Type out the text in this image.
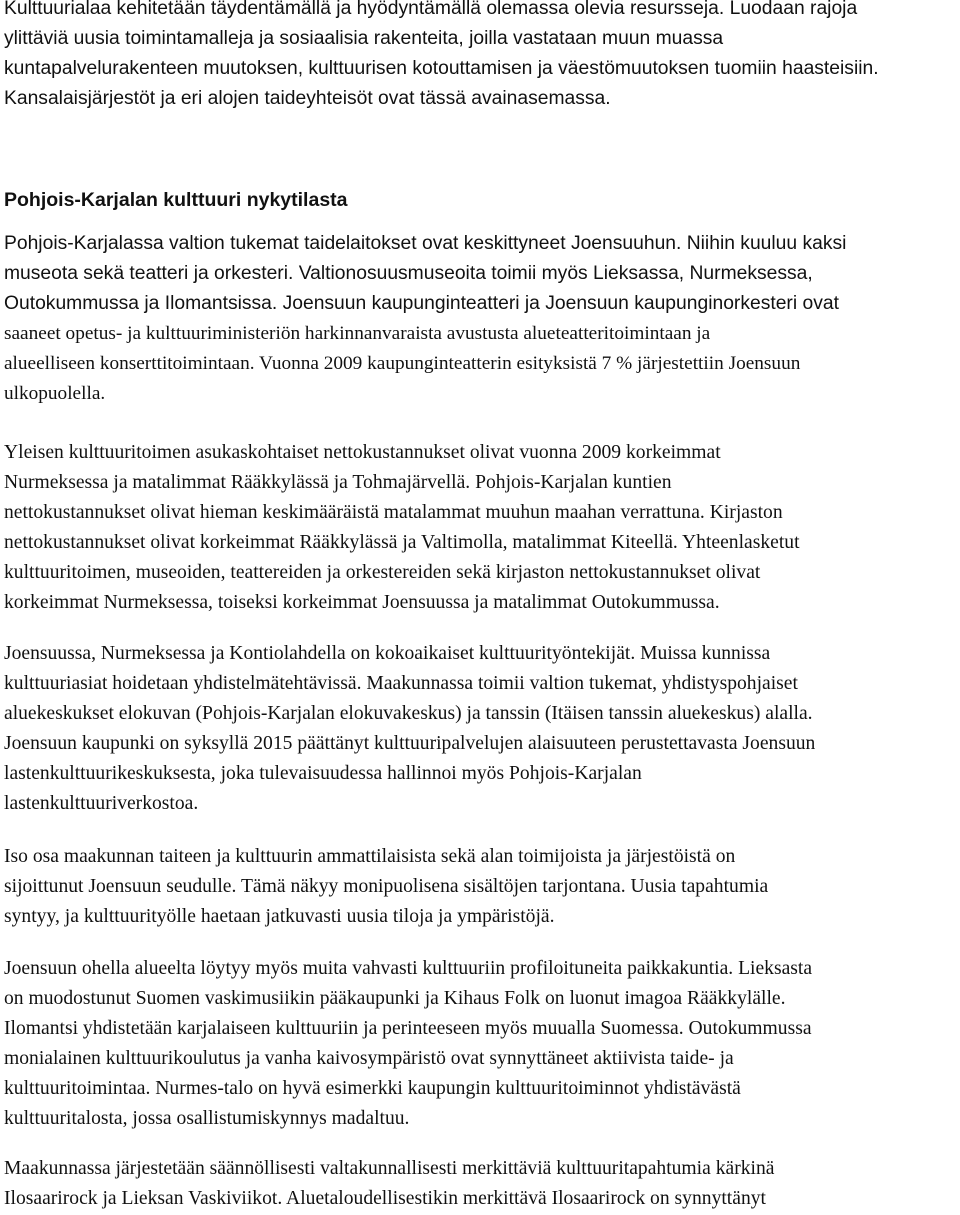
Kulttuurialaa kehitetään täydentämällä ja hyödyntämällä olemassa olevia resursseja. Luodaan rajoja
ylittäviä uusia toimintamalleja ja sosiaalisia rakenteita, joilla vastataan muun muassa
kuntapalvelurakenteen muutoksen, kulttuurisen kotouttamisen ja väestömuutoksen tuomiin haasteisiin.
Kansalaisjärjestöt ja eri alojen taideyhteisöt ovat tässä avainasemassa.

Pohjois-Karjalan kulttuuri nykytilasta

Pohjois-Karjalassa valtion tukemat taidelaitokset ovat keskittyneet Joensuuhun. Niihin kuuluu kaksi
museota sekä teatteri ja orkesteri. Valtionosuusmuseoita toimii myös Lieksassa, Nurmeksessa,
Outokummussa ja Ilomantsissa. Joensuun kaupunginteatteri ja Joensuun kaupunginorkesteri ovat
saaneet opetus- ja kulttuuriministeriön harkinnanvaraista avustusta alueteatteritoimintaan ja
alueelliseen konserttitoimintaan. Vuonna 2009 kaupunginteatterin esityksistä 7 % järjestettiin Joensuun
ulkopuolella.

Yleisen kulttuuritoimen asukaskohtaiset nettokustannukset olivat vuonna 2009 korkeimmat
Nurmeksessa ja matalimmat Rääkkylässä ja Tohmajärvellä. Pohjois-Karjalan kuntien
nettokustannukset olivat hieman keskimääräistä matalammat muuhun maahan verrattuna. Kirjaston
nettokustannukset olivat korkeimmat Rääkkylässä ja Valtimolla, matalimmat Kiteellä. Yhteenlasketut
kulttuuritoimen, museoiden, teattereiden ja orkestereiden sekä kirjaston nettokustannukset olivat
korkeimmat Nurmeksessa, toiseksi korkeimmat Joensuussa ja matalimmat Outokummussa.

Joensuussa, Nurmeksessa ja Kontiolahdella on kokoaikaiset kulttuurityöntekijät. Muissa kunnissa
kulttuuriasiat hoidetaan yhdistelmätehtävissä. Maakunnassa toimii valtion tukemat, yhdistyspohjaiset
aluekeskukset elokuvan (Pohjois-Karjalan elokuvakeskus) ja tanssin (Itäisen tanssin aluekeskus) alalla.
Joensuun kaupunki on syksyllä 2015 päättänyt kulttuuripalvelujen alaisuuteen perustettavasta Joensuun
lastenkulttuurikeskuksesta, joka tulevaisuudessa hallinnoi myös Pohjois-Karjalan
lastenkulttuuriverkostoa.

Iso osa maakunnan taiteen ja kulttuurin ammattilaisista sekä alan toimijoista ja järjestöistä on
sijoittunut Joensuun seudulle. Tämä näkyy monipuolisena sisältöjen tarjontana. Uusia tapahtumia
syntyy, ja kulttuurityölle haetaan jatkuvasti uusia tiloja ja ympäristöjä.

Joensuun ohella alueelta löytyy myös muita vahvasti kulttuuriin profiloituneita paikkakuntia. Lieksasta
on muodostunut Suomen vaskimusiikin pääkaupunki ja Kihaus Folk on luonut imagoa Rääkkylälle.
Ilomantsi yhdistetään karjalaiseen kulttuuriin ja perinteeseen myös muualla Suomessa. Outokummussa
monialainen kulttuurikoulutus ja vanha kaivosympäristö ovat synnyttäneet aktiivista taide- ja
kulttuuritoimintaa. Nurmes-talo on hyvä esimerkki kaupungin kulttuuritoiminnot yhdistävästä
kulttuuritalosta, jossa osallistumiskynnys madaltuu.

Maakunnassa järjestetään säännöllisesti valtakunnallisesti merkittäviä kulttuuritapahtumia kärkinä
Ilosaarirock ja Lieksan Vaskiviikot. Aluetaloudellisestikin merkittävä Ilosaarirock on synnyttänyt
